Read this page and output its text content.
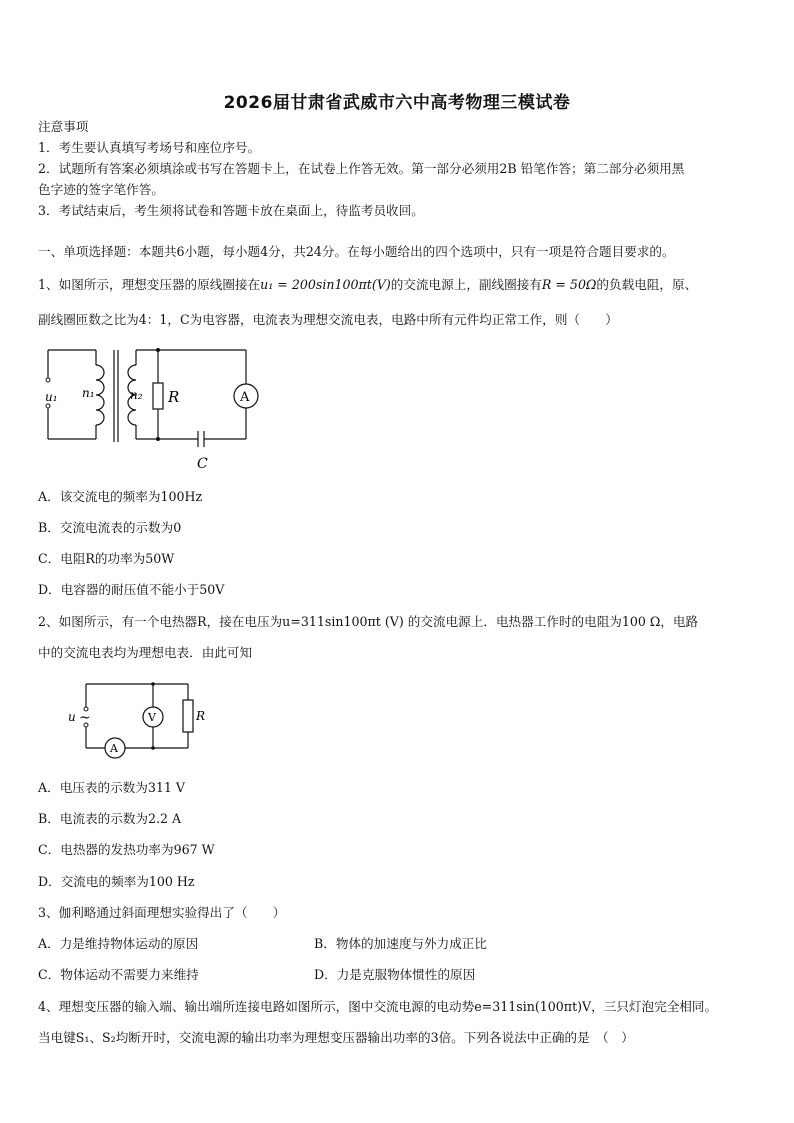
2026届甘肃省武威市六中高考物理三模试卷
注意事项
1．考生要认真填写考场号和座位序号。
2．试题所有答案必须填涂或书写在答题卡上，在试卷上作答无效。第一部分必须用2B 铅笔作答；第二部分必须用黑
色字迹的签字笔作答。
3．考试结束后，考生须将试卷和答题卡放在桌面上，待监考员收回。
一、单项选择题：本题共6小题，每小题4分，共24分。在每小题给出的四个选项中，只有一项是符合题目要求的。
1、如图所示，理想变压器的原线圈接在u₁ = 200sin100πt(V)的交流电源上，副线圈接有R = 50Ω的负载电阻，原、
副线圈匝数之比为4：1，C为电容器，电流表为理想交流电表，电路中所有元件均正常工作，则（　　）
u₁ n₁	n₂ R	A
C
A．该交流电的频率为100Hz
B．交流电流表的示数为0
C．电阻R的功率为50W
D．电容器的耐压值不能小于50V
2、如图所示，有一个电热器R，接在电压为u=311sin100πt (V) 的交流电源上．电热器工作时的电阻为100 Ω，电路
中的交流电表均为理想电表．由此可知
u ~	V	R
A
A．电压表的示数为311 V
B．电流表的示数为2.2 A
C．电热器的发热功率为967 W
D．交流电的频率为100 Hz
3、伽利略通过斜面理想实验得出了（　　）
A．力是维持物体运动的原因	B．物体的加速度与外力成正比
C．物体运动不需要力来维持	D．力是克服物体惯性的原因
4、理想变压器的输入端、输出端所连接电路如图所示，图中交流电源的电动势e=311sin(100πt)V，三只灯泡完全相同。
当电键S₁、S₂均断开时，交流电源的输出功率为理想变压器输出功率的3倍。下列各说法中正确的是　（　）
